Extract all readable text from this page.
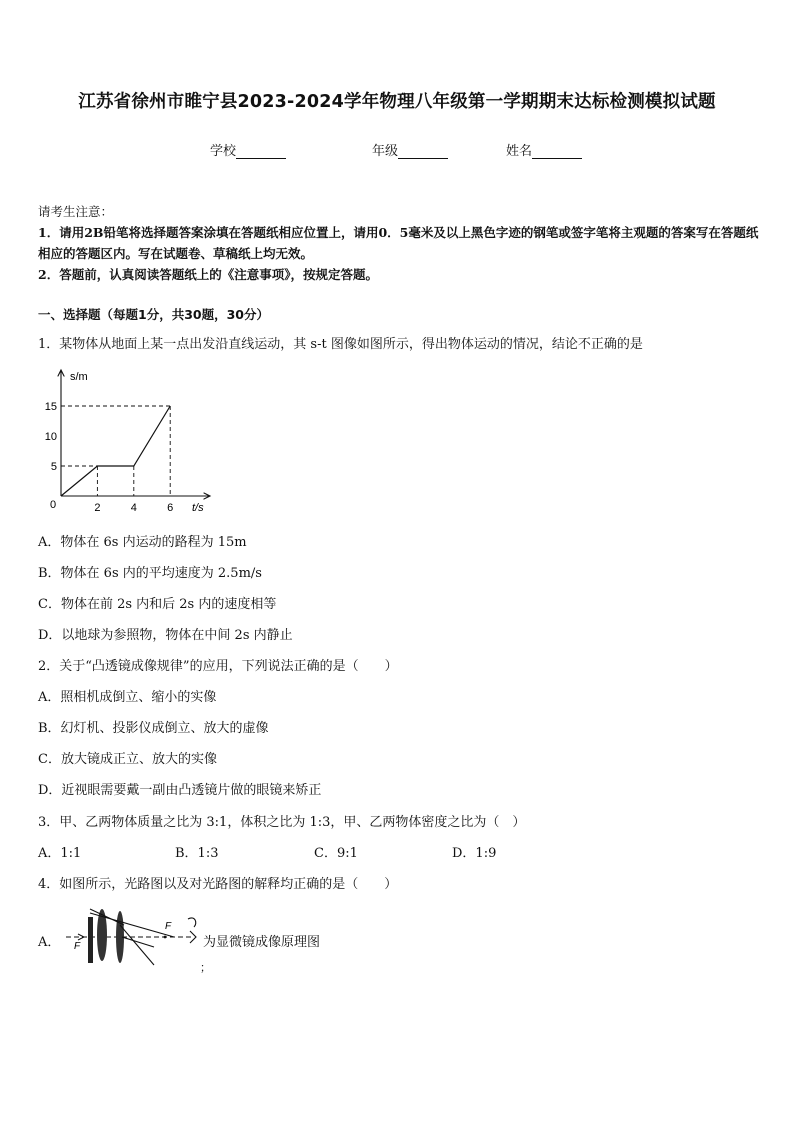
江苏省徐州市睢宁县2023-2024学年物理八年级第一学期期末达标检测模拟试题
学校	年级	姓名
请考生注意：
1．请用2B铅笔将选择题答案涂填在答题纸相应位置上，请用0．5毫米及以上黑色字迹的钢笔或签字笔将主观题的答案写在答题纸相应的答题区内。写在试题卷、草稿纸上均无效。
2．答题前，认真阅读答题纸上的《注意事项》，按规定答题。
一、选择题（每题1分，共30题，30分）
1．某物体从地面上某一点出发沿直线运动，其 s-t 图像如图所示，得出物体运动的情况，结论不正确的是
2	4	6
5
10
15
0
s/m
t/s
A．物体在 6s 内运动的路程为 15m
B．物体在 6s 内的平均速度为 2.5m/s
C．物体在前 2s 内和后 2s 内的速度相等
D．以地球为参照物，物体在中间 2s 内静止
2．关于“凸透镜成像规律”的应用，下列说法正确的是（　　）
A．照相机成倒立、缩小的实像
B．幻灯机、投影仪成倒立、放大的虚像
C．放大镜成正立、放大的实像
D．近视眼需要戴一副由凸透镜片做的眼镜来矫正
3．甲、乙两物体质量之比为 3:1，体积之比为 1:3，甲、乙两物体密度之比为（　）
A．1:1	B．1:3	C．9:1	D．1:9
4．如图所示，光路图以及对光路图的解释均正确的是（　　）
A． F
F
为显微镜成像原理图
；
